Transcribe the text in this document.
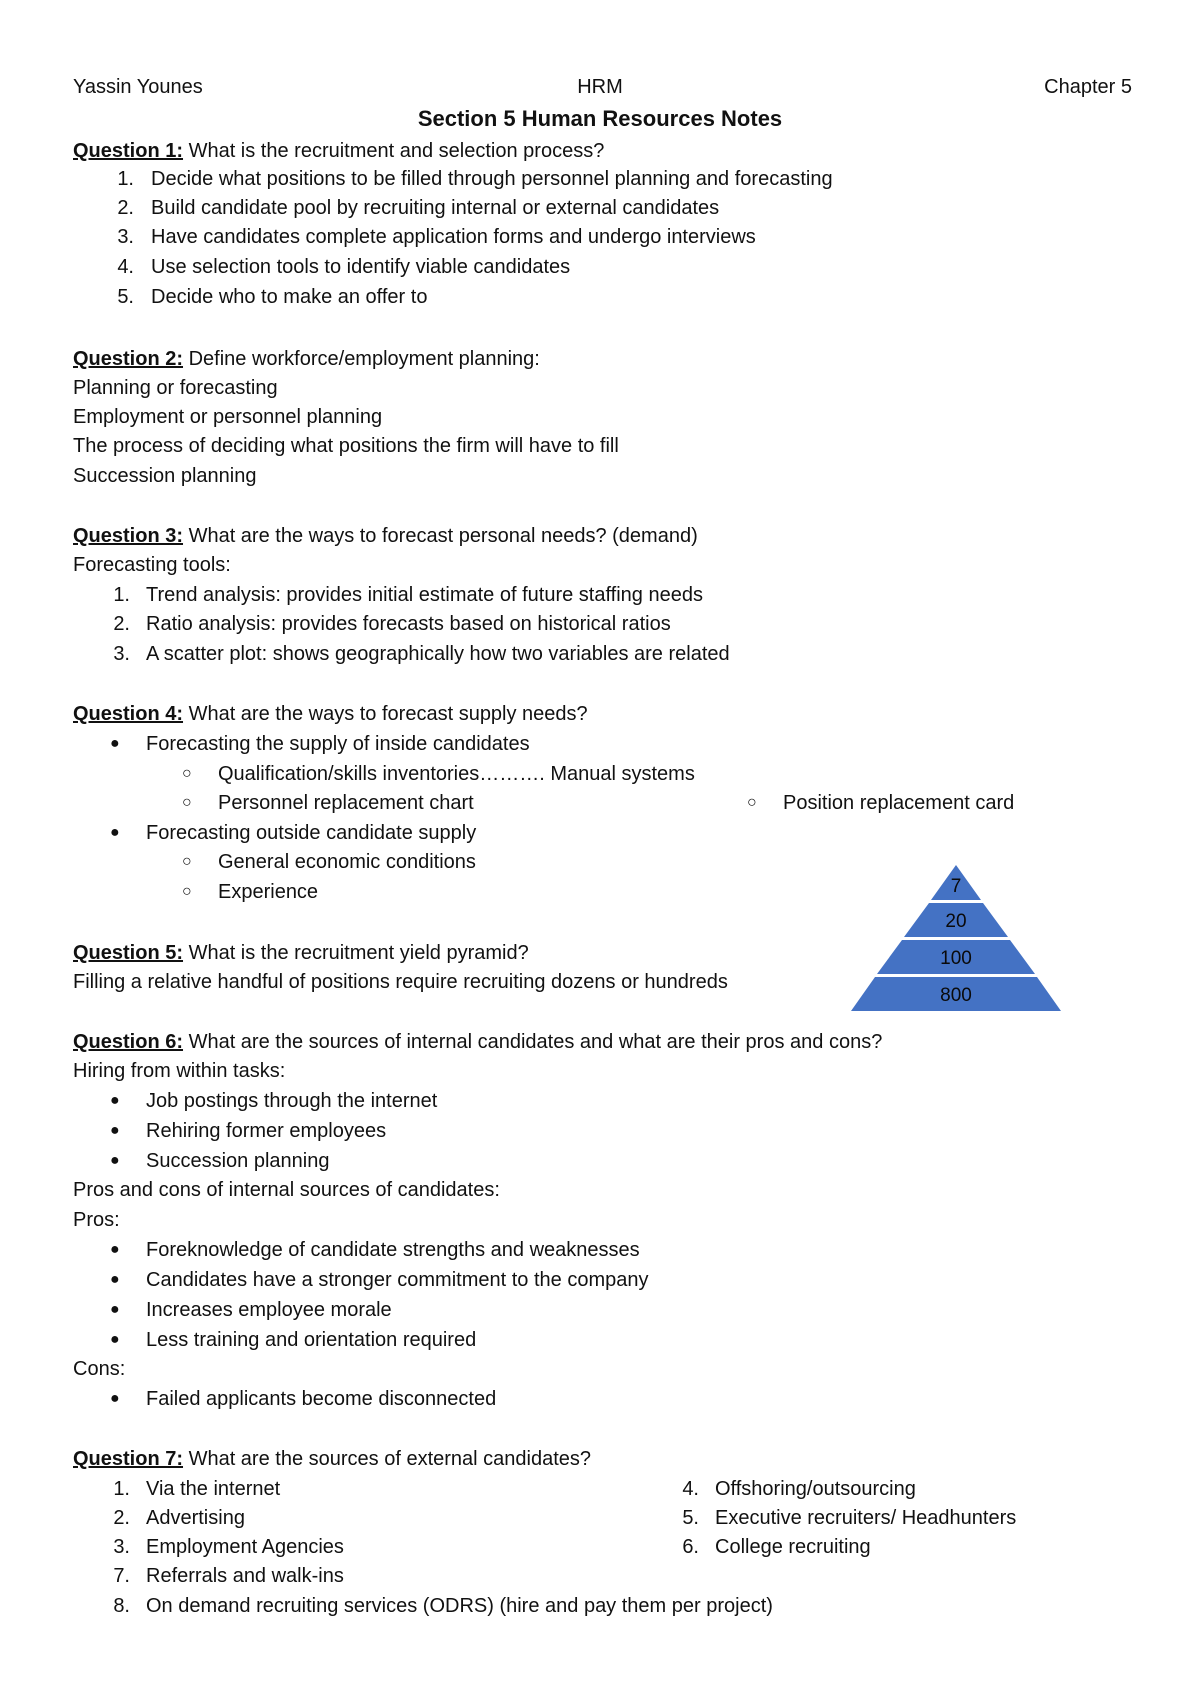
Yassin Younes	HRM	Chapter 5
Section 5 Human Resources Notes
Question 1: What is the recruitment and selection process?
1. Decide what positions to be filled through personnel planning and forecasting
2. Build candidate pool by recruiting internal or external candidates
3. Have candidates complete application forms and undergo interviews
4. Use selection tools to identify viable candidates
5. Decide who to make an offer to
Question 2: Define workforce/employment planning:
Planning or forecasting
Employment or personnel planning
The process of deciding what positions the firm will have to fill
Succession planning
Question 3: What are the ways to forecast personal needs? (demand)
Forecasting tools:
1. Trend analysis: provides initial estimate of future staffing needs
2. Ratio analysis: provides forecasts based on historical ratios
3. A scatter plot: shows geographically how two variables are related
Question 4: What are the ways to forecast supply needs?
● Forecasting the supply of inside candidates
○ Qualification/skills inventories………. Manual systems
○ Personnel replacement chart	○ Position replacement card
● Forecasting outside candidate supply
○ General economic conditions
○ Experience
Question 5: What is the recruitment yield pyramid?
Filling a relative handful of positions require recruiting dozens or hundreds
7
20
100
800
Question 6: What are the sources of internal candidates and what are their pros and cons?
Hiring from within tasks:
● Job postings through the internet
● Rehiring former employees
● Succession planning
Pros and cons of internal sources of candidates:
Pros:
● Foreknowledge of candidate strengths and weaknesses
● Candidates have a stronger commitment to the company
● Increases employee morale
● Less training and orientation required
Cons:
● Failed applicants become disconnected
Question 7: What are the sources of external candidates?
1. Via the internet
2. Advertising
3. Employment Agencies
7. Referrals and walk-ins
8. On demand recruiting services (ODRS) (hire and pay them per project)
4. Offshoring/outsourcing
5. Executive recruiters/ Headhunters
6. College recruiting
